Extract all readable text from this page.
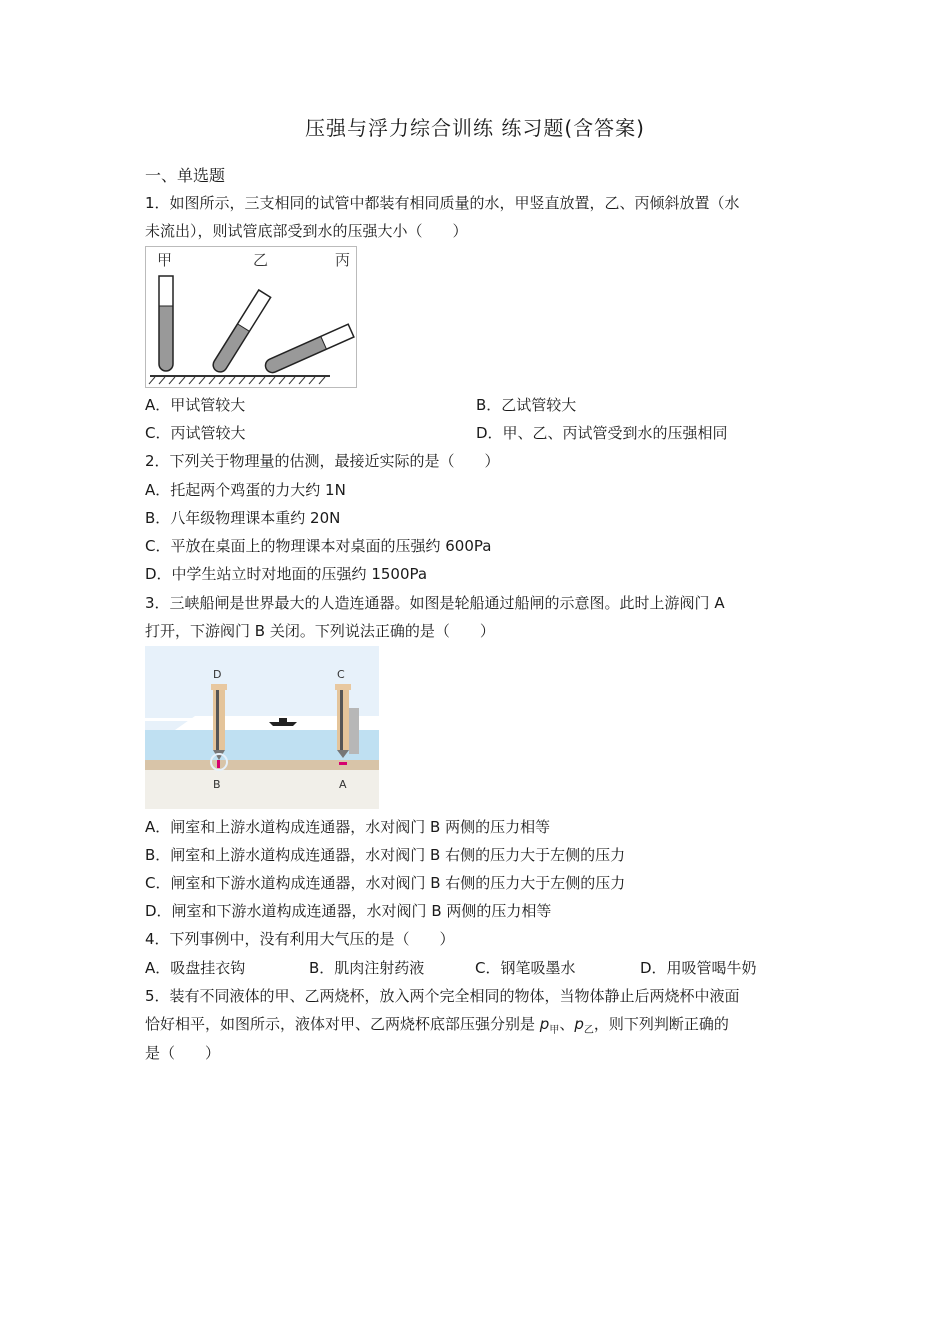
压强与浮力综合训练 练习题(含答案)
一、单选题
1．如图所示，三支相同的试管中都装有相同质量的水，甲竖直放置，乙、丙倾斜放置（水
未流出），则试管底部受到水的压强大小（　　）
甲	乙	丙
A．甲试管较大	B．乙试管较大
C．丙试管较大	D．甲、乙、丙试管受到水的压强相同
2．下列关于物理量的估测，最接近实际的是（　　）
A．托起两个鸡蛋的力大约 1N
B．八年级物理课本重约 20N
C．平放在桌面上的物理课本对桌面的压强约 600Pa
D．中学生站立时对地面的压强约 1500Pa
3．三峡船闸是世界最大的人造连通器。如图是轮船通过船闸的示意图。此时上游阀门 A
打开，下游阀门 B 关闭。下列说法正确的是（　　）
D	C
B	A
A．闸室和上游水道构成连通器，水对阀门 B 两侧的压力相等
B．闸室和上游水道构成连通器，水对阀门 B 右侧的压力大于左侧的压力
C．闸室和下游水道构成连通器，水对阀门 B 右侧的压力大于左侧的压力
D．闸室和下游水道构成连通器，水对阀门 B 两侧的压力相等
4．下列事例中，没有利用大气压的是（　　）
A．吸盘挂衣钩	B．肌肉注射药液	C．钢笔吸墨水	D．用吸管喝牛奶
5．装有不同液体的甲、乙两烧杯，放入两个完全相同的物体，当物体静止后两烧杯中液面
恰好相平，如图所示，液体对甲、乙两烧杯底部压强分别是 $p_甲$、$p_乙$，则下列判断正确的
是（　　）
